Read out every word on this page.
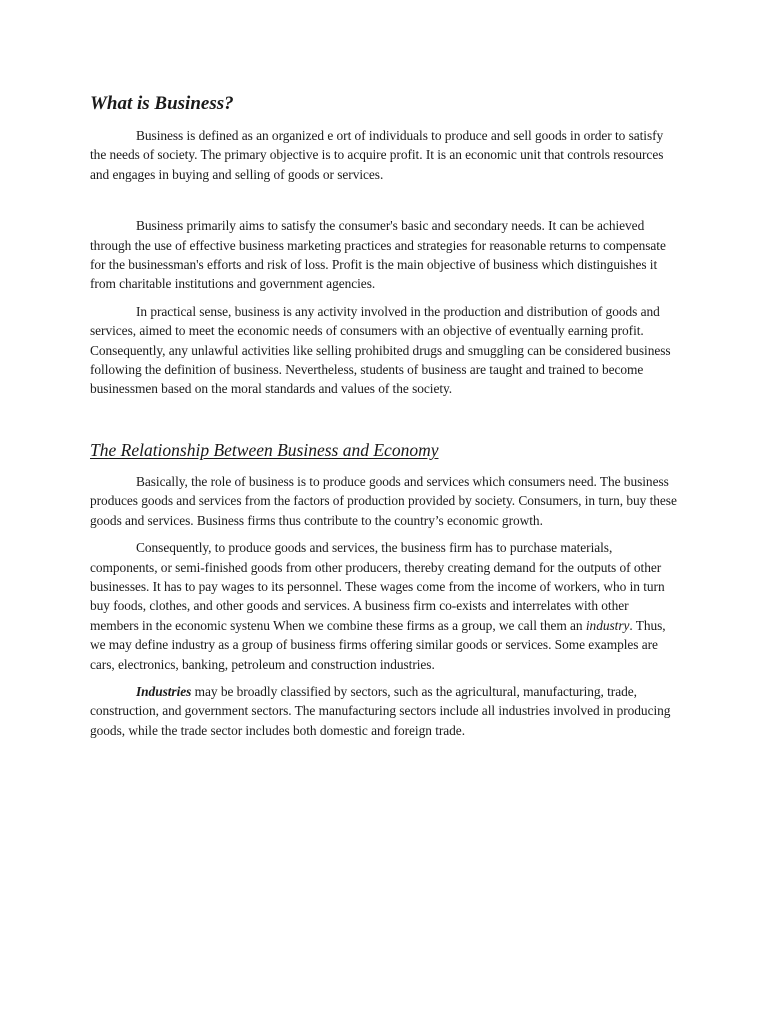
What is Business?

Business is defined as an organized e ort of individuals to produce and sell goods in order to satisfy the needs of society. The primary objective is to acquire profit. It is an economic unit that controls resources and engages in buying and selling of goods or services.

Business primarily aims to satisfy the consumer's basic and secondary needs. It can be achieved through the use of effective business marketing practices and strategies for reasonable returns to compensate for the businessman's efforts and risk of loss. Profit is the main objective of business which distinguishes it from charitable institutions and government agencies.

In practical sense, business is any activity involved in the production and distribution of goods and services, aimed to meet the economic needs of consumers with an objective of eventually earning profit. Consequently, any unlawful activities like selling prohibited drugs and smuggling can be considered business following the definition of business. Nevertheless, students of business are taught and trained to become businessmen based on the moral standards and values of the society.

The Relationship Between Business and Economy

Basically, the role of business is to produce goods and services which consumers need. The business produces goods and services from the factors of production provided by society. Consumers, in turn, buy these goods and services. Business firms thus contribute to the country’s economic growth.

Consequently, to produce goods and services, the business firm has to purchase materials, components, or semi-finished goods from other producers, thereby creating demand for the outputs of other businesses. It has to pay wages to its personnel. These wages come from the income of workers, who in turn buy foods, clothes, and other goods and services. A business firm co-exists and interrelates with other members in the economic systenu When we combine these firms as a group, we call them an industry. Thus, we may define industry as a group of business firms offering similar goods or services. Some examples are cars, electronics, banking, petroleum and construction industries.

Industries may be broadly classified by sectors, such as the agricultural, manufacturing, trade, construction, and government sectors. The manufacturing sectors include all industries involved in producing goods, while the trade sector includes both domestic and foreign trade.
